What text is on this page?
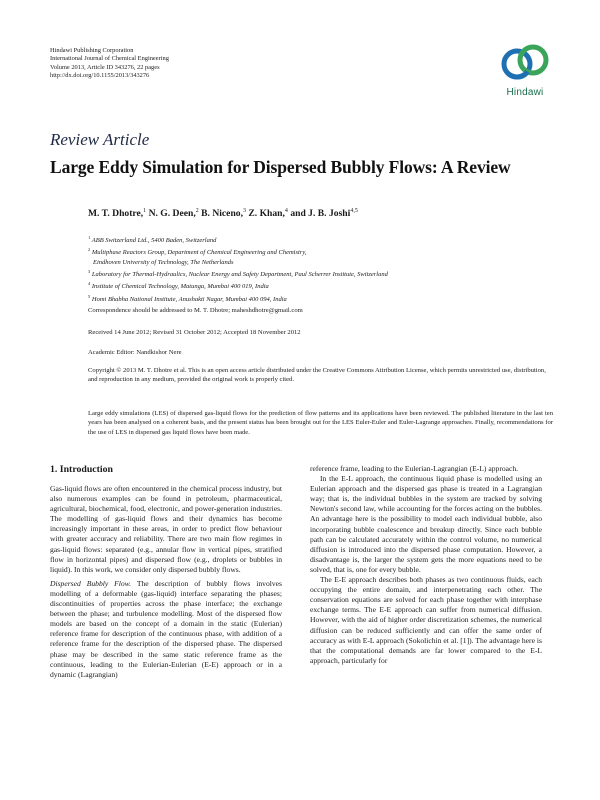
Hindawi Publishing Corporation
International Journal of Chemical Engineering
Volume 2013, Article ID 343276, 22 pages
http://dx.doi.org/10.1155/2013/343276
Hindawi
Review Article
Large Eddy Simulation for Dispersed Bubbly Flows: A Review
M. T. Dhotre,$^1$ N. G. Deen,$^2$ B. Niceno,$^3$ Z. Khan,$^4$ and J. B. Joshi$^{4,5}$
$^1$ ABB Switzerland Ltd., 5400 Baden, Switzerland
$^2$ Multiphase Reactors Group, Department of Chemical Engineering and Chemistry,
Eindhoven University of Technology, The Netherlands
$^3$ Laboratory for Thermal-Hydraulics, Nuclear Energy and Safety Department, Paul Scherrer Institute, Switzerland
$^4$ Institute of Chemical Technology, Matunga, Mumbai 400 019, India
$^5$ Homi Bhabha National Institute, Anushakti Nagar, Mumbai 400 094, India
Correspondence should be addressed to M. T. Dhotre; maheshdhotre@gmail.com
Received 14 June 2012; Revised 31 October 2012; Accepted 18 November 2012
Academic Editor: Nandkishor Nere
Copyright © 2013 M. T. Dhotre et al. This is an open access article distributed under the Creative Commons Attribution License, which permits unrestricted use, distribution, and reproduction in any medium, provided the original work is properly cited.
Large eddy simulations (LES) of dispersed gas-liquid flows for the prediction of flow patterns and its applications have been reviewed. The published literature in the last ten years has been analysed on a coherent basis, and the present status has been brought out for the LES Euler-Euler and Euler-Lagrange approaches. Finally, recommendations for the use of LES in dispersed gas liquid flows have been made.
1. Introduction

Gas-liquid flows are often encountered in the chemical process industry, but also numerous examples can be found in petroleum, pharmaceutical, agricultural, biochemical, food, electronic, and power-generation industries. The modelling of gas-liquid flows and their dynamics has become increasingly important in these areas, in order to predict flow behaviour with greater accuracy and reliability. There are two main flow regimes in gas-liquid flows: separated (e.g., annular flow in vertical pipes, stratified flow in horizontal pipes) and dispersed flow (e.g., droplets or bubbles in liquid). In this work, we consider only dispersed bubbly flows.

Dispersed Bubbly Flow. The description of bubbly flows involves modelling of a deformable (gas-liquid) interface separating the phases; discontinuities of properties across the phase interface; the exchange between the phase; and turbulence modelling. Most of the dispersed flow models are based on the concept of a domain in the static (Eulerian) reference frame for description of the continuous phase, with addition of a reference frame for the description of the dispersed phase. The dispersed phase may be described in the same static reference frame as the continuous, leading to the Eulerian-Eulerian (E-E) approach or in a dynamic (Lagrangian)

reference frame, leading to the Eulerian-Lagrangian (E-L) approach.

In the E-L approach, the continuous liquid phase is modelled using an Eulerian approach and the dispersed gas phase is treated in a Lagrangian way; that is, the individual bubbles in the system are tracked by solving Newton's second law, while accounting for the forces acting on the bubbles. An advantage here is the possibility to model each individual bubble, also incorporating bubble coalescence and breakup directly. Since each bubble path can be calculated accurately within the control volume, no numerical diffusion is introduced into the dispersed phase computation. However, a disadvantage is, the larger the system gets the more equations need to be solved, that is, one for every bubble.

The E-E approach describes both phases as two continuous fluids, each occupying the entire domain, and interpenetrating each other. The conservation equations are solved for each phase together with interphase exchange terms. The E-E approach can suffer from numerical diffusion. However, with the aid of higher order discretization schemes, the numerical diffusion can be reduced sufficiently and can offer the same order of accuracy as with E-L approach (Sokolichin et al. [1]). The advantage here is that the computational demands are far lower compared to the E-L approach, particularly for
